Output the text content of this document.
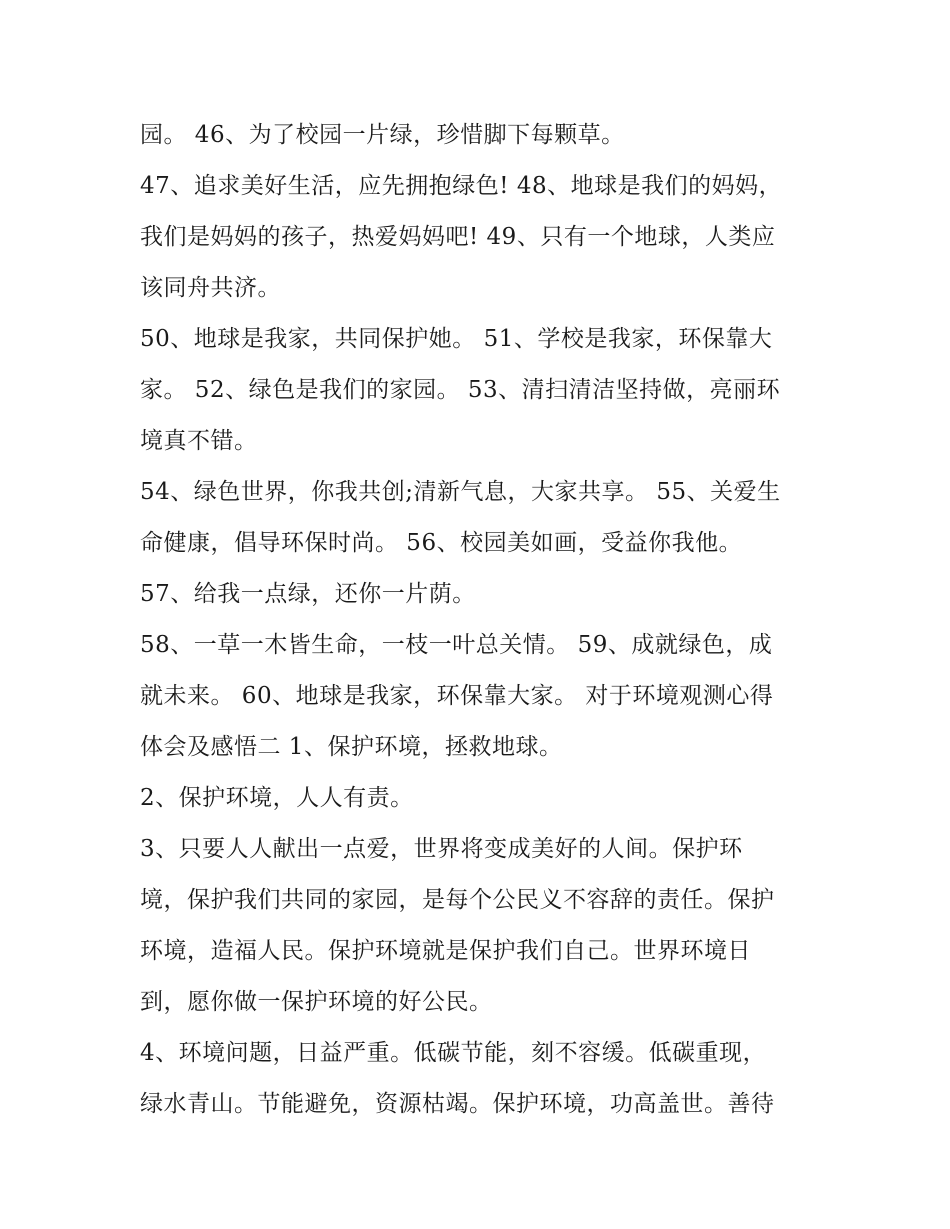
园。 46、为了校园一片绿，珍惜脚下每颗草。

47、追求美好生活，应先拥抱绿色! 48、地球是我们的妈妈，
我们是妈妈的孩子，热爱妈妈吧! 49、只有一个地球，人类应
该同舟共济。

50、地球是我家，共同保护她。 51、学校是我家，环保靠大
家。 52、绿色是我们的家园。 53、清扫清洁坚持做，亮丽环
境真不错。

54、绿色世界，你我共创;清新气息，大家共享。 55、关爱生
命健康，倡导环保时尚。 56、校园美如画，受益你我他。

57、给我一点绿，还你一片荫。

58、一草一木皆生命，一枝一叶总关情。 59、成就绿色，成
就未来。 60、地球是我家，环保靠大家。 对于环境观测心得
体会及感悟二 1、保护环境，拯救地球。

2、保护环境，人人有责。

3、只要人人献出一点爱，世界将变成美好的人间。保护环
境，保护我们共同的家园，是每个公民义不容辞的责任。保护
环境，造福人民。保护环境就是保护我们自己。世界环境日
到，愿你做一保护环境的好公民。

4、环境问题，日益严重。低碳节能，刻不容缓。低碳重现，
绿水青山。节能避免，资源枯竭。保护环境，功高盖世。善待
